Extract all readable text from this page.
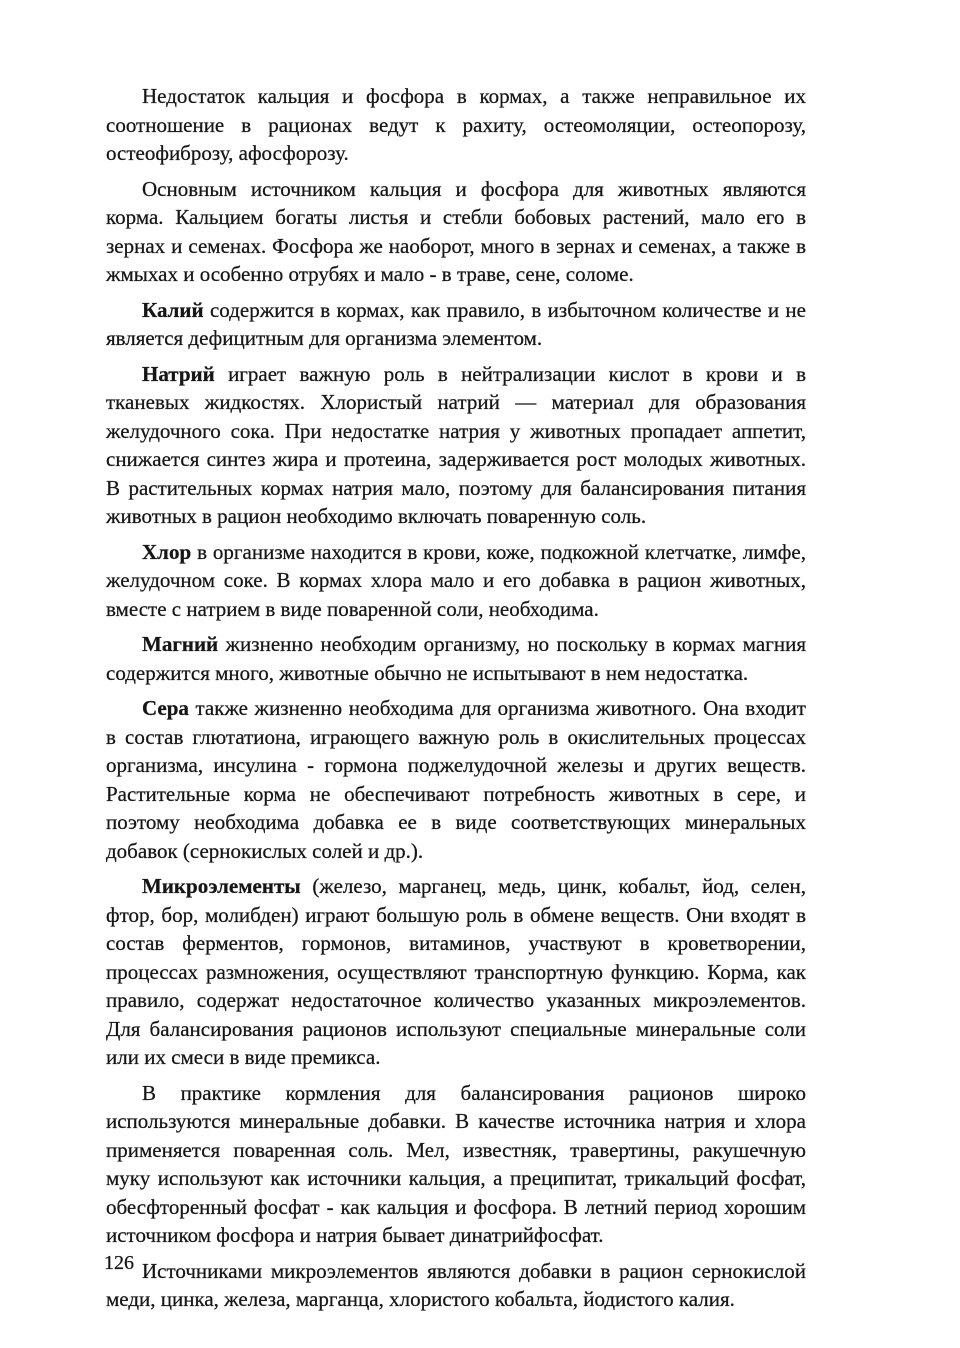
Недостаток кальция и фосфора в кормах, а также неправильное их соотношение в рационах ведут к рахиту, остеомоляции, остеопорозу, остеофиброзу, афосфорозу.

Основным источником кальция и фосфора для животных являются корма. Кальцием богаты листья и стебли бобовых растений, мало его в зернах и семенах. Фосфора же наоборот, много в зернах и семенах, а также в жмыхах и особенно отрубях и мало - в траве, сене, соломе.

Калий содержится в кормах, как правило, в избыточном количестве и не является дефицитным для организма элементом.

Натрий играет важную роль в нейтрализации кислот в крови и в тканевых жидкостях. Хлористый натрий — материал для образования желудочного сока. При недостатке натрия у животных пропадает аппетит, снижается синтез жира и протеина, задерживается рост молодых животных. В растительных кормах натрия мало, поэтому для балансирования питания животных в рацион необходимо включать поваренную соль.

Хлор в организме находится в крови, коже, подкожной клетчатке, лимфе, желудочном соке. В кормах хлора мало и его добавка в рацион животных, вместе с натрием в виде поваренной соли, необходима.

Магний жизненно необходим организму, но поскольку в кормах магния содержится много, животные обычно не испытывают в нем недостатка.

Сера также жизненно необходима для организма животного. Она входит в состав глютатиона, играющего важную роль в окислительных процессах организма, инсулина - гормона поджелудочной железы и других веществ. Растительные корма не обеспечивают потребность животных в сере, и поэтому необходима добавка ее в виде соответствующих минеральных добавок (сернокислых солей и др.).

Микроэлементы (железо, марганец, медь, цинк, кобальт, йод, селен, фтор, бор, молибден) играют большую роль в обмене веществ. Они входят в состав ферментов, гормонов, витаминов, участвуют в кроветворении, процессах размножения, осуществляют транспортную функцию. Корма, как правило, содержат недостаточное количество указанных микроэлементов. Для балансирования рационов используют специальные минеральные соли или их смеси в виде премикса.

В практике кормления для балансирования рационов широко используются минеральные добавки. В качестве источника натрия и хлора применяется поваренная соль. Мел, известняк, травертины, ракушечную муку используют как источники кальция, а преципитат, трикальций фосфат, обесфторенный фосфат - как кальция и фосфора. В летний период хорошим источником фосфора и натрия бывает динатрийфосфат.

Источниками микроэлементов являются добавки в рацион сернокислой меди, цинка, железа, марганца, хлористого кобальта, йодистого калия.

126
